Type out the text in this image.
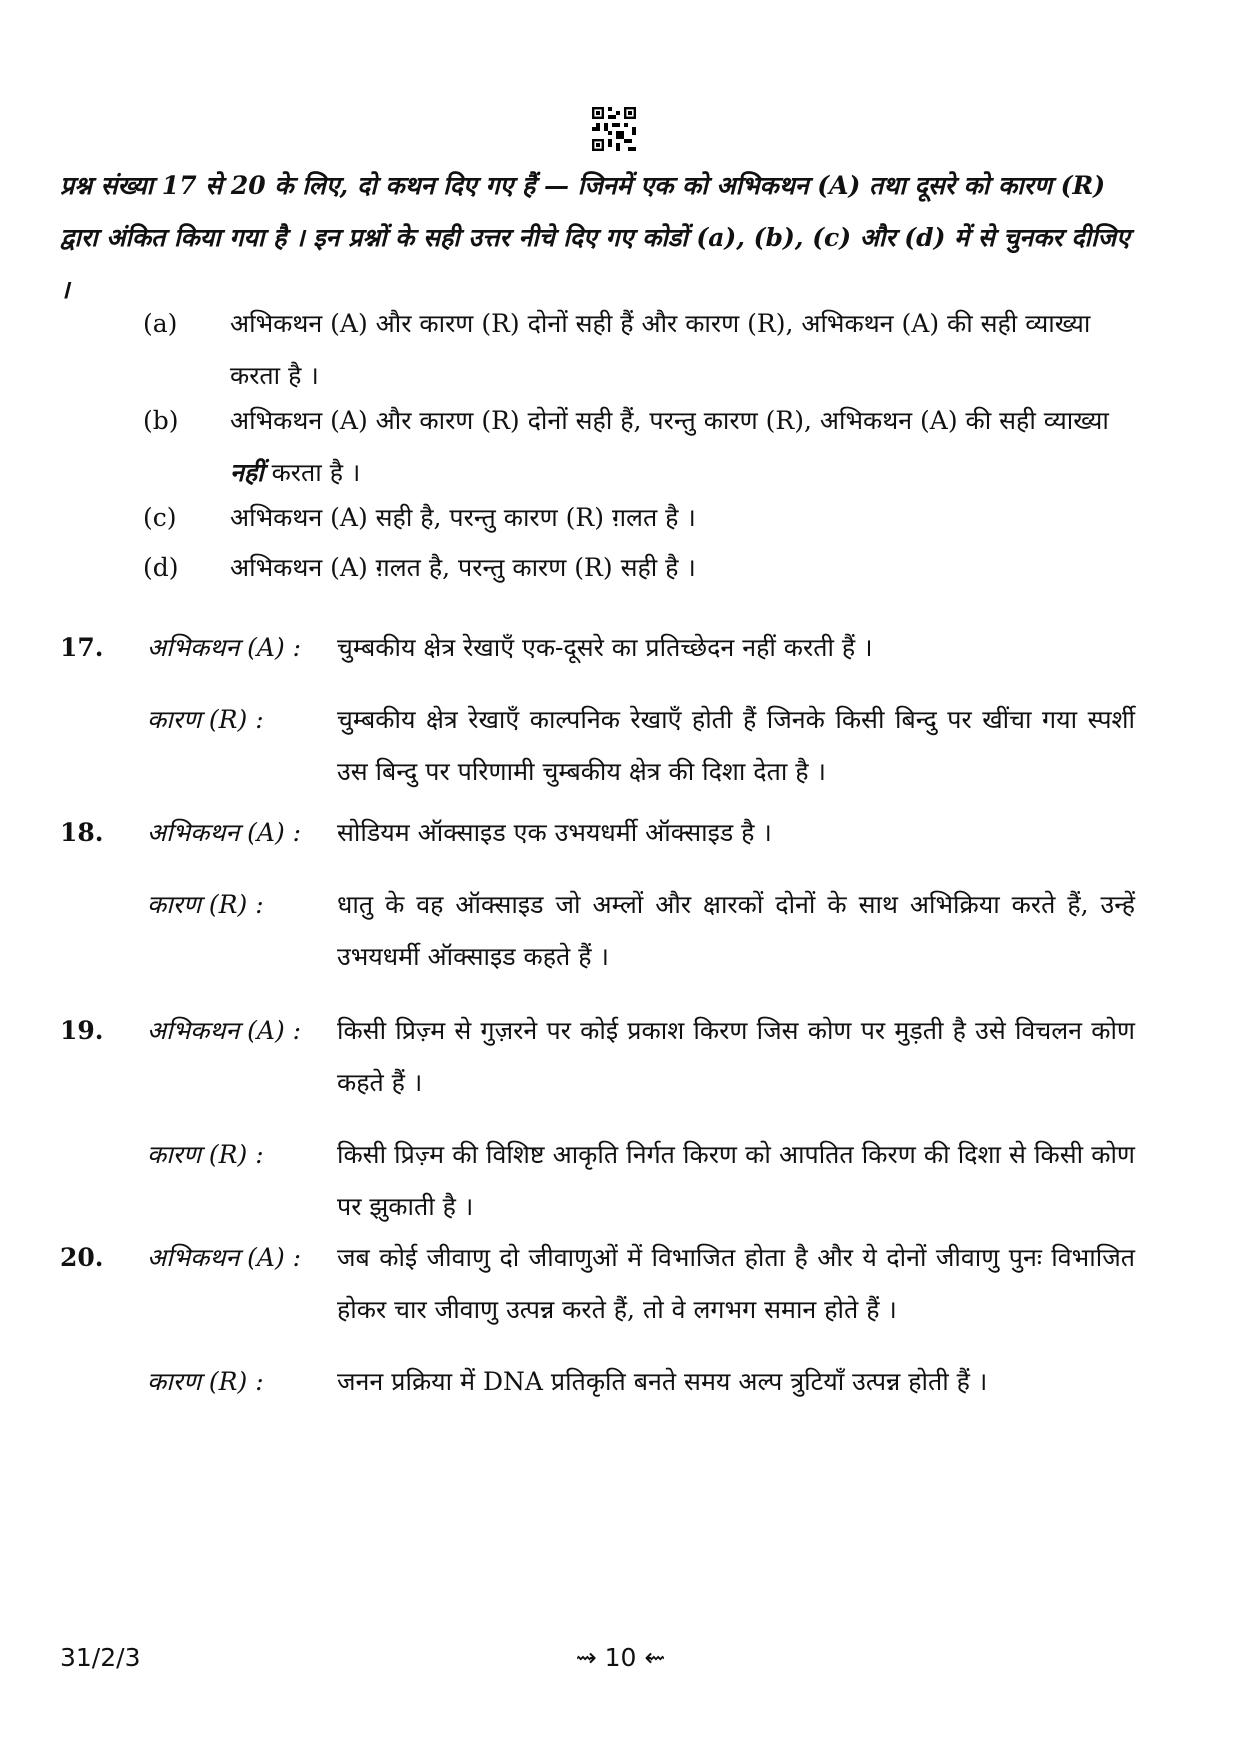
प्रश्न संख्या 17 से 20 के लिए, दो कथन दिए गए हैं — जिनमें एक को अभिकथन (A) तथा दूसरे को कारण (R) द्वारा अंकित किया गया है । इन प्रश्नों के सही उत्तर नीचे दिए गए कोडों (a), (b), (c) और (d) में से चुनकर दीजिए ।
(a)	अभिकथन (A) और कारण (R) दोनों सही हैं और कारण (R), अभिकथन (A) की सही व्याख्या करता है ।
(b)	अभिकथन (A) और कारण (R) दोनों सही हैं, परन्तु कारण (R), अभिकथन (A) की सही व्याख्या नहीं करता है ।
(c)	अभिकथन (A) सही है, परन्तु कारण (R) ग़लत है ।
(d)	अभिकथन (A) ग़लत है, परन्तु कारण (R) सही है ।
17. अभिकथन (A) : चुम्बकीय क्षेत्र रेखाएँ एक-दूसरे का प्रतिच्छेदन नहीं करती हैं ।
कारण (R) :	चुम्बकीय क्षेत्र रेखाएँ काल्पनिक रेखाएँ होती हैं जिनके किसी बिन्दु पर खींचा गया स्पर्शी उस बिन्दु पर परिणामी चुम्बकीय क्षेत्र की दिशा देता है ।
18. अभिकथन (A) : सोडियम ऑक्साइड एक उभयधर्मी ऑक्साइड है ।
कारण (R) :	धातु के वह ऑक्साइड जो अम्लों और क्षारकों दोनों के साथ अभिक्रिया करते हैं, उन्हें उभयधर्मी ऑक्साइड कहते हैं ।
19. अभिकथन (A) : किसी प्रिज़्म से गुज़रने पर कोई प्रकाश किरण जिस कोण पर मुड़ती है उसे विचलन कोण कहते हैं ।
कारण (R) :	किसी प्रिज़्म की विशिष्ट आकृति निर्गत किरण को आपतित किरण की दिशा से किसी कोण पर झुकाती है ।
20. अभिकथन (A) : जब कोई जीवाणु दो जीवाणुओं में विभाजित होता है और ये दोनों जीवाणु पुनः विभाजित होकर चार जीवाणु उत्पन्न करते हैं, तो वे लगभग समान होते हैं ।
कारण (R) :	जनन प्रक्रिया में DNA प्रतिकृति बनते समय अल्प त्रुटियाँ उत्पन्न होती हैं ।
31/2/3	⇝ 10 ⇜
